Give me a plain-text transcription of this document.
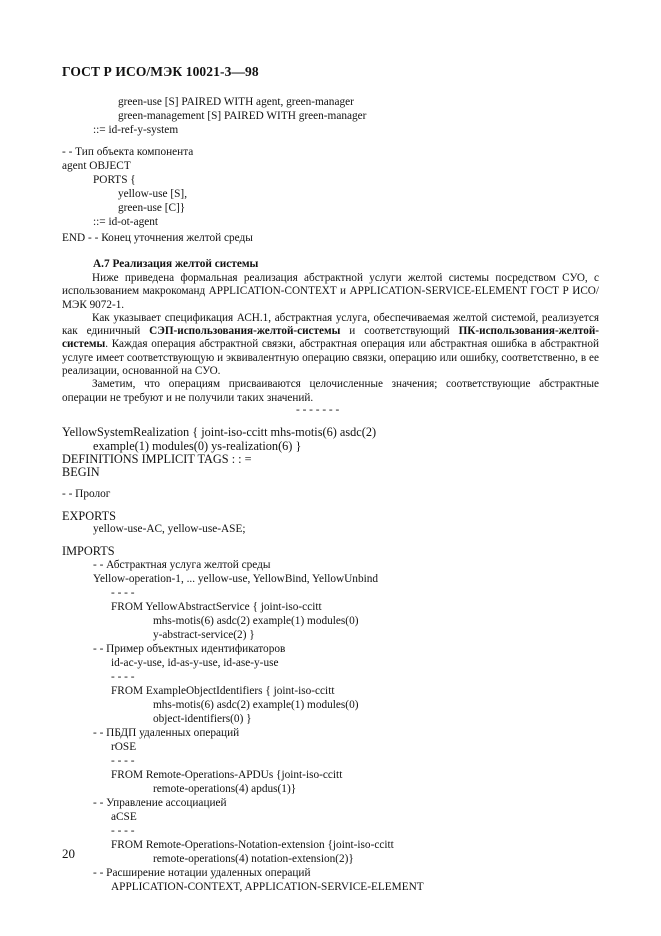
ГОСТ Р ИСО/МЭК 10021-3—98
green-use [S] PAIRED WITH agent, green-manager
green-management [S] PAIRED WITH green-manager
::= id-ref-y-system
- - Тип объекта компонента
agent OBJECT
PORTS {
yellow-use [S],
green-use [C]}
::= id-ot-agent
END - - Конец уточнения желтой среды
- - - - - - -
YellowSystemRealization { joint-iso-ccitt mhs-motis(6) asdc(2)
example(1) modules(0) ys-realization(6) }
DEFINITIONS IMPLICIT TAGS : : =
BEGIN
- - Пролог
EXPORTS
yellow-use-AC, yellow-use-ASE;
IMPORTS
- - Абстрактная услуга желтой среды
Yellow-operation-1, ... yellow-use, YellowBind, YellowUnbind
- - - -
FROM YellowAbstractService { joint-iso-ccitt
mhs-motis(6) asdc(2) example(1) modules(0)
y-abstract-service(2) }
- - Пример объектных идентификаторов
id-ac-y-use, id-as-y-use, id-ase-y-use
- - - -
FROM ExampleObjectIdentifiers { joint-iso-ccitt
mhs-motis(6) asdc(2) example(1) modules(0)
object-identifiers(0) }
- - ПБДП удаленных операций
rOSE
- - - -
FROM Remote-Operations-APDUs {joint-iso-ccitt
remote-operations(4) apdus(1)}
- - Управление ассоциацией
aCSE
- - - -
FROM Remote-Operations-Notation-extension {joint-iso-ccitt
remote-operations(4) notation-extension(2)}
- - Расширение нотации удаленных операций
APPLICATION-CONTEXT, APPLICATION-SERVICE-ELEMENT
А.7 Реализация желтой системы

Ниже приведена формальная реализация абстрактной услуги желтой системы посредством СУО, с использованием макрокоманд APPLICATION-CONTEXT и APPLICATION-SERVICE-ELEMENT ГОСТ Р ИСО/МЭК 9072-1.

Как указывает спецификация АСН.1, абстрактная услуга, обеспечиваемая желтой системой, реализуется как единичный СЭП-использования-желтой-системы и соответствующий ПК-использования-желтой-системы. Каждая операция абстрактной связки, абстрактная операция или абстрактная ошибка в абстрактной услуге имеет соответствующую и эквивалентную операцию связки, операцию или ошибку, соответственно, в ее реализации, основанной на СУО.

Заметим, что операциям присваиваются целочисленные значения; соответствующие абстрактные операции не требуют и не получили таких значений.

20
